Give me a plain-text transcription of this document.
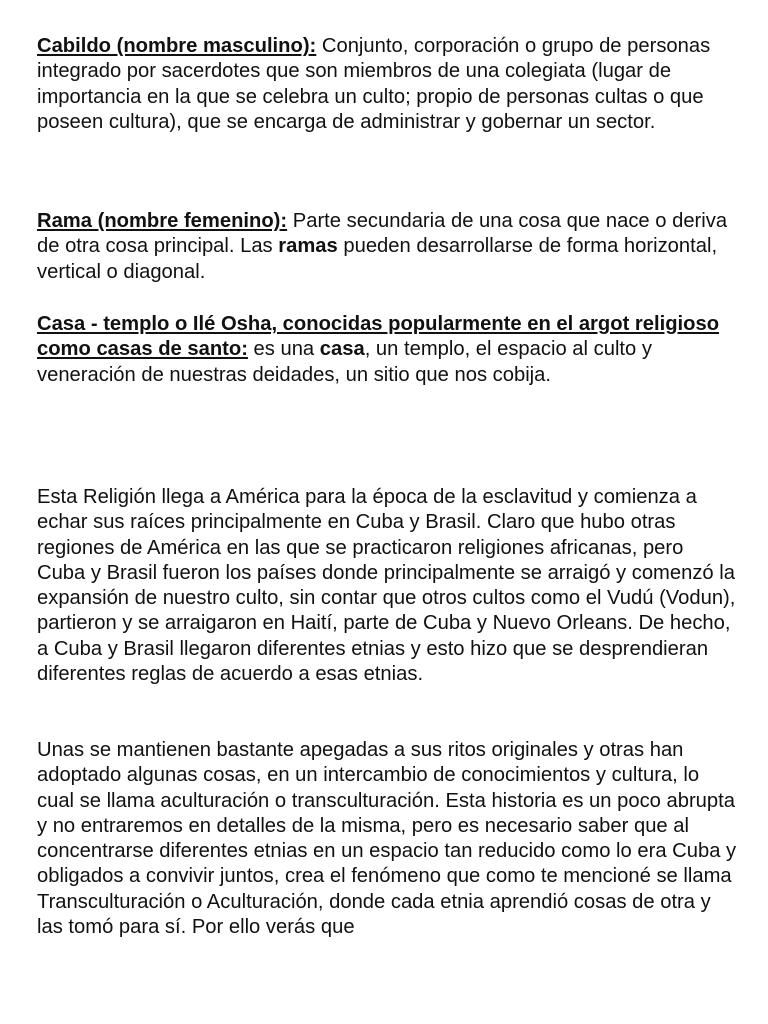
Cabildo (nombre masculino): Conjunto, corporación o grupo de personas integrado por sacerdotes que son miembros de una colegiata (lugar de importancia en la que se celebra un culto; propio de personas cultas o que poseen cultura), que se encarga de administrar y gobernar un sector.

Rama (nombre femenino): Parte secundaria de una cosa que nace o deriva de otra cosa principal. Las ramas pueden desarrollarse de forma horizontal, vertical o diagonal.

Casa - templo o Ilé Osha, conocidas popularmente en el argot religioso como casas de santo: es una casa, un templo, el espacio al culto y veneración de nuestras deidades, un sitio que nos cobija.

Esta Religión llega a América para la época de la esclavitud y comienza a echar sus raíces principalmente en Cuba y Brasil. Claro que hubo otras regiones de América en las que se practicaron religiones africanas, pero Cuba y Brasil fueron los países donde principalmente se arraigó y comenzó la expansión de nuestro culto, sin contar que otros cultos como el Vudú (Vodun), partieron y se arraigaron en Haití, parte de Cuba y Nuevo Orleans. De hecho, a Cuba y Brasil llegaron diferentes etnias y esto hizo que se desprendieran diferentes reglas de acuerdo a esas etnias.

Unas se mantienen bastante apegadas a sus ritos originales y otras han adoptado algunas cosas, en un intercambio de conocimientos y cultura, lo cual se llama aculturación o transculturación. Esta historia es un poco abrupta y no entraremos en detalles de la misma, pero es necesario saber que al concentrarse diferentes etnias en un espacio tan reducido como lo era Cuba y obligados a convivir juntos, crea el fenómeno que como te mencioné se llama Transculturación o Aculturación, donde cada etnia aprendió cosas de otra y las tomó para sí. Por ello verás que
